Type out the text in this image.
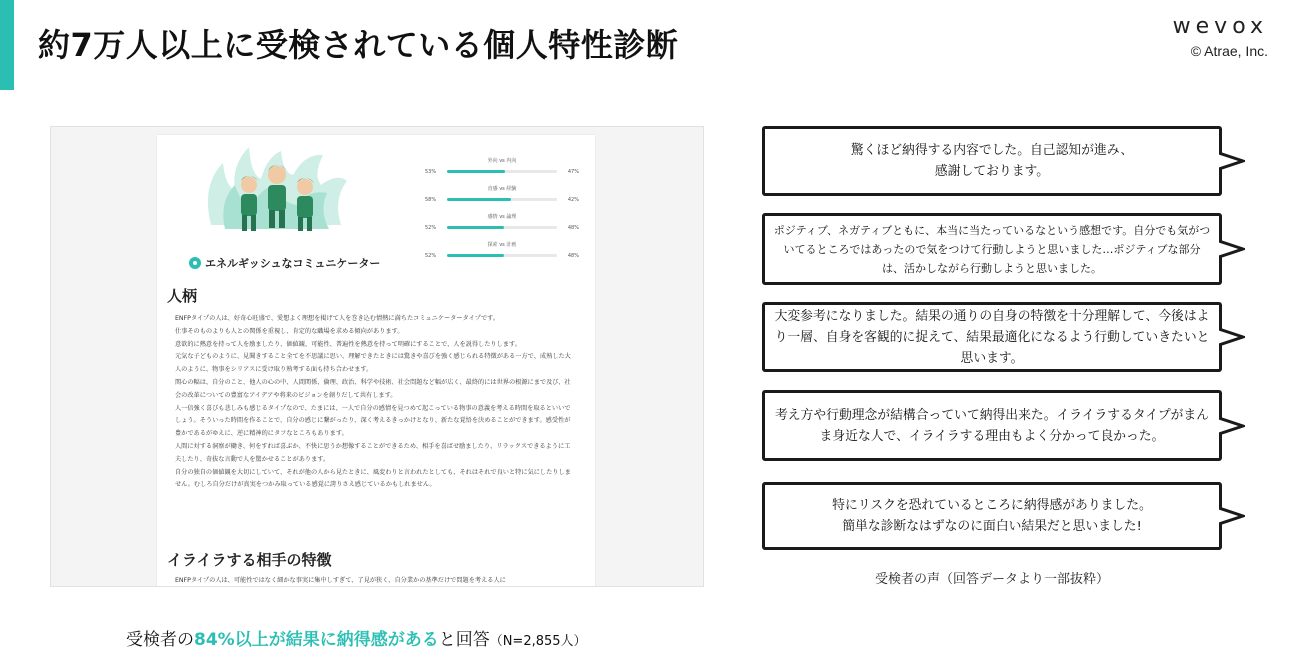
約7万人以上に受検されている個人特性診断	wevox
© Atrae, Inc.
エネルギッシュなコミュニケーター
外向 vs 内向
53%	47%
直感 vs 経験
58%	42%
感情 vs 論理
52%	48%
探索 vs 計画
52%	48%
人柄

ENFPタイプの人は、好奇心旺盛で、愛想よく理想を掲げて人を巻き込む情熱に満ちたコミュニケータータイプです。

仕事そのものよりも人との関係を重視し、肯定的な職場を求める傾向があります。

意欲的に熱意を持って人を励ましたり、価値観、可能性、普遍性を熱意を持って明確にすることで、人を説得したりします。

元気な子どものように、見聞きすること全てを不思議に思い、理解できたときには驚きや喜びを強く感じられる特徴がある一方で、成熟した大人のように、物事をシリアスに受け取り熟考する面も持ち合わせます。

関心の幅は、自分のこと、他人の心の中、人間関係、倫理、政治、科学や技術、社会問題など幅が広く、最終的には世界の根源にまで及び、社会の改革についての豊富なアイデアや将来のビジョンを創りだして共有します。

人一倍強く喜びも悲しみも感じるタイプなので、たまには、一人で自分の感情を見つめて起こっている物事の意義を考える時間を取るといいでしょう。そういった時間を作ることで、自分の感じに繋がったり、深く考えるきっかけとなり、新たな覚悟を決めることができます。感受性が豊かであるがゆえに、逆に精神的にタフなところもあります。

人間に対する洞察が働き、何をすれば喜ぶか、不快に思うか想像することができるため、相手を喜ばせ励ましたり、リラックスできるように工夫したり、奇抜な言動で人を驚かせることがあります。

自分の独自の価値観を大切にしていて、それが他の人から見たときに、風変わりと言われたとしても、それはそれで良いと特に気にしたりしません。むしろ自分だけが真実をつかみ取っている感覚に誇りさえ感じているかもしれません。

イライラする相手の特徴

ENFPタイプの人は、可能性ではなく細かな事実に集中しすぎて、了見が狭く、自分業かの基準だけで問題を考える人に

驚くほど納得する内容でした。自己認知が進み、
感謝しております。
ポジティブ、ネガティブともに、本当に当たっているなという感想です。自分でも気がついてるところではあったので気をつけて行動しようと思いました…ポジティブな部分は、活かしながら行動しようと思いました。
大変参考になりました。結果の通りの自身の特徴を十分理解して、今後はより一層、自身を客観的に捉えて、結果最適化になるよう行動していきたいと思います。
考え方や行動理念が結構合っていて納得出来た。イライラするタイプがまんま身近な人で、イライラする理由もよく分かって良かった。
特にリスクを恐れているところに納得感がありました。
簡単な診断なはずなのに面白い結果だと思いました!
受検者の声（回答データより一部抜粋）
受検者の84%以上が結果に納得感があると回答（N=2,855人）
